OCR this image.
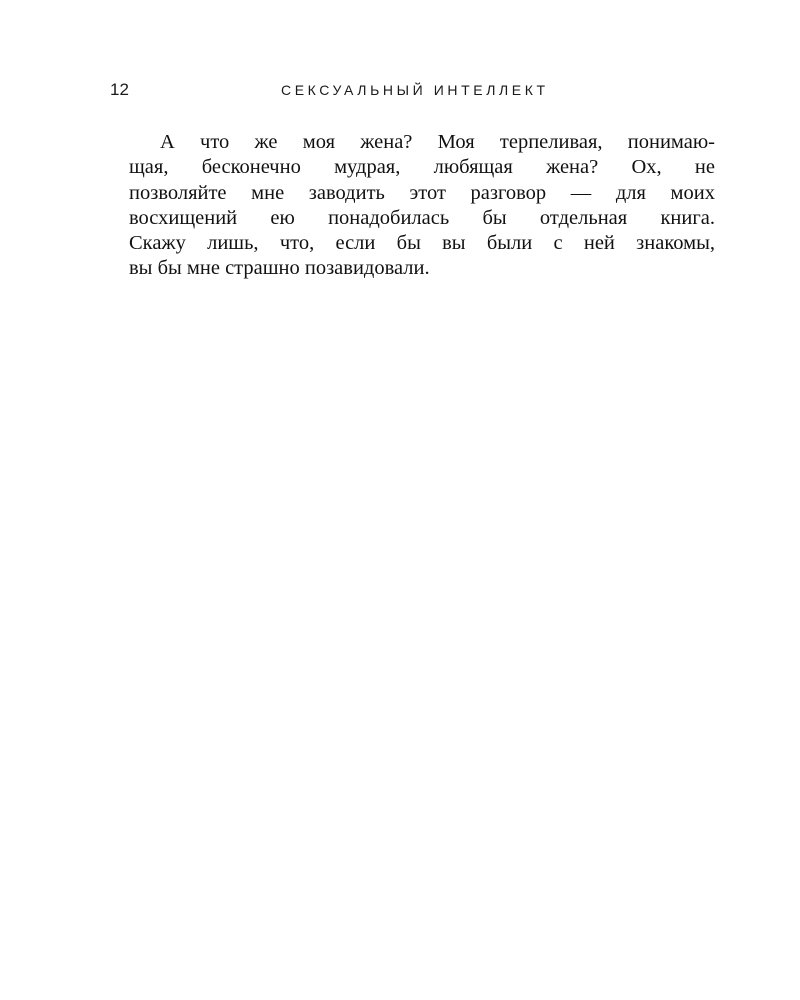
12	СЕКСУАЛЬНЫЙ ИНТЕЛЛЕКТ
А что же моя жена? Моя терпеливая, понимаю-
щая, бесконечно мудрая, любящая жена? Ох, не
позволяйте мне заводить этот разговор — для моих
восхищений ею понадобилась бы отдельная книга.
Скажу лишь, что, если бы вы были с ней знакомы,
вы бы мне страшно позавидовали.
